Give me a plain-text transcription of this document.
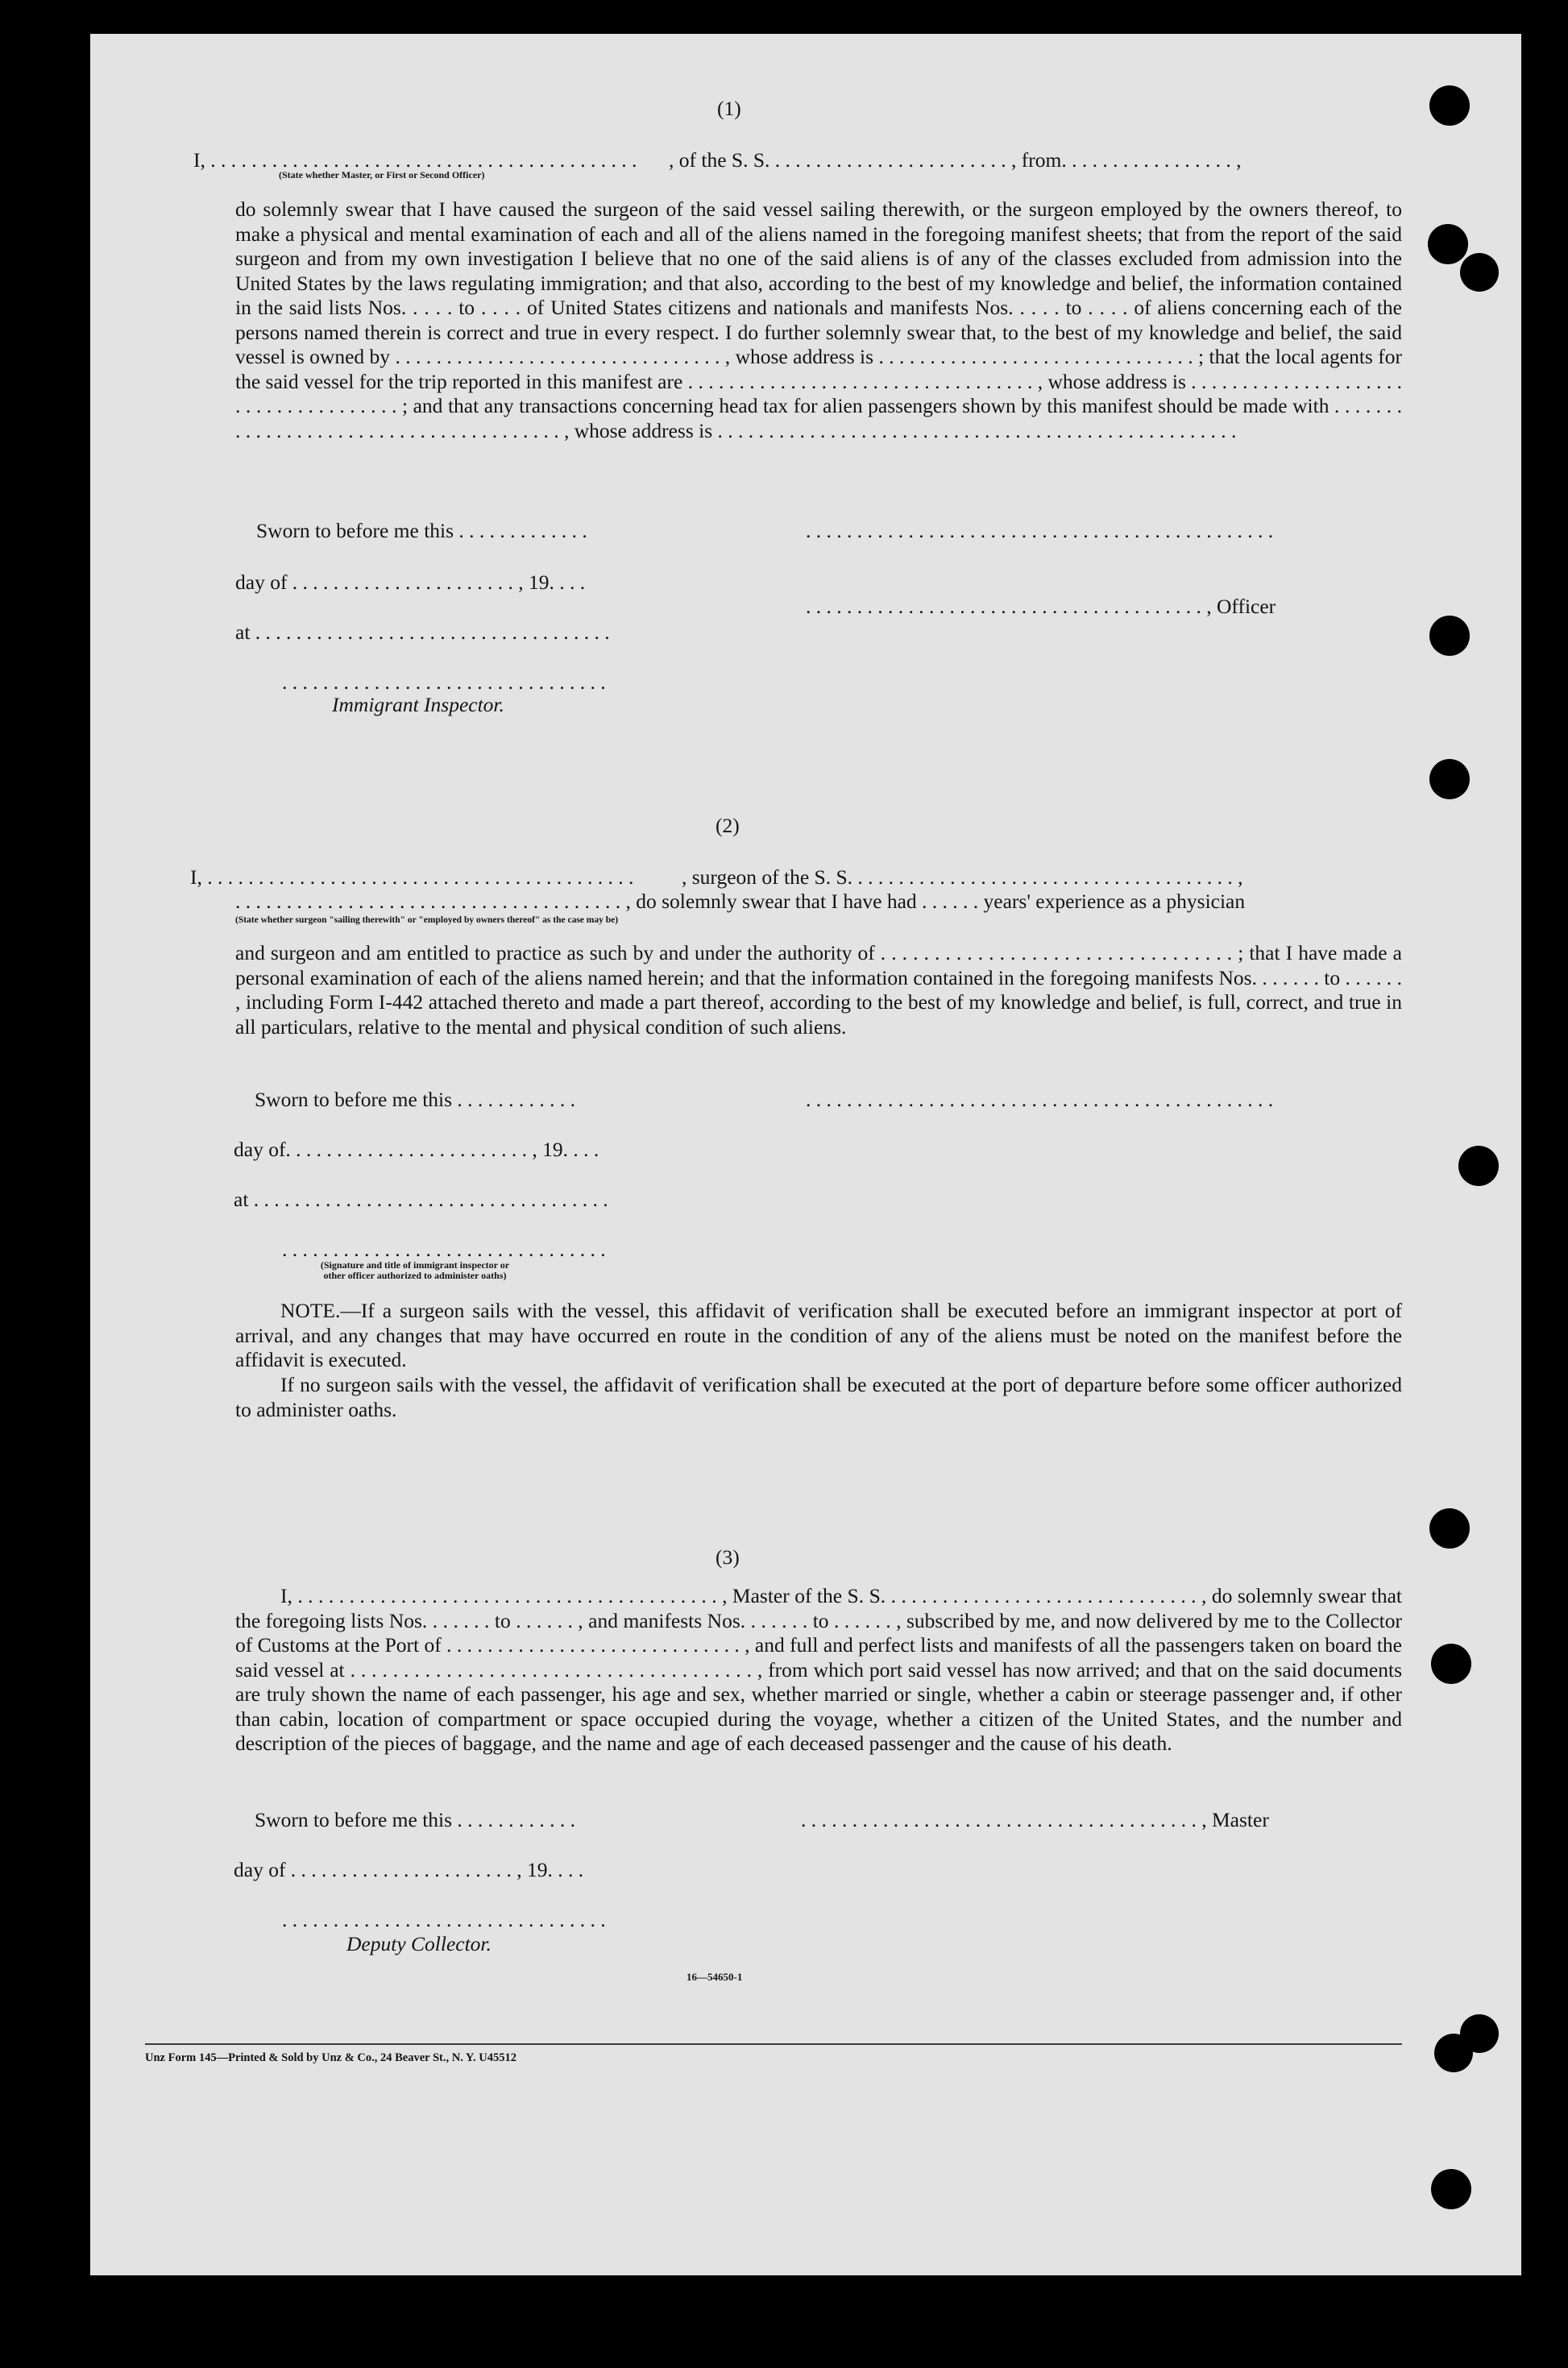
(1)
I, . . . . . . . . . . . . . . . . . . . . . . . . . . . . . . . . . . . . . . . . . . , of the S. S. . . . . . . . . . . . . . . . . . . . . . . . , from. . . . . . . . . . . . . . . . . ,
(State whether Master, or First or Second Officer)
do solemnly swear that I have caused the surgeon of the said vessel sailing therewith, or the surgeon employed by the owners thereof, to make a physical and mental examination of each and all of the aliens named in the foregoing manifest sheets; that from the report of the said surgeon and from my own investigation I believe that no one of the said aliens is of any of the classes excluded from admission into the United States by the laws regulating immigration; and that also, according to the best of my knowledge and belief, the information contained in the said lists Nos. . . . . to . . . . of United States citizens and nationals and manifests Nos. . . . . to . . . . of aliens concerning each of the persons named therein is correct and true in every respect. I do further solemnly swear that, to the best of my knowledge and belief, the said vessel is owned by . . . . . . . . . . . . . . . . . . . . . . . . . . . . . . . . , whose address is . . . . . . . . . . . . . . . . . . . . . . . . . . . . . . . ; that the local agents for the said vessel for the trip reported in this manifest are . . . . . . . . . . . . . . . . . . . . . . . . . . . . . . . . . . , whose address is . . . . . . . . . . . . . . . . . . . . . . . . . . . . . . . . . . . . . ; and that any transactions concerning head tax for alien passengers shown by this manifest should be made with . . . . . . . . . . . . . . . . . . . . . . . . . . . . . . . . . . . . . . . , whose address is . . . . . . . . . . . . . . . . . . . . . . . . . . . . . . . . . . . . . . . . . . . . . . . . . . .
Sworn to before me this . . . . . . . . . . . . .	. . . . . . . . . . . . . . . . . . . . . . . . . . . . . . . . . . . . . . . . . . . . . .
day of . . . . . . . . . . . . . . . . . . . . . . , 19. . . .
. . . . . . . . . . . . . . . . . . . . . . . . . . . . . . . . . . . . . . . , Officer
at . . . . . . . . . . . . . . . . . . . . . . . . . . . . . . . . . . .
. . . . . . . . . . . . . . . . . . . . . . . . . . . . . . . .
Immigrant Inspector.
(2)
I, . . . . . . . . . . . . . . . . . . . . . . . . . . . . . . . . . . . . . . . . . . , surgeon of the S. S. . . . . . . . . . . . . . . . . . . . . . . . . . . . . . . . . . . . . . ,
. . . . . . . . . . . . . . . . . . . . . . . . . . . . . . . . . . . . . . , do solemnly swear that I have had . . . . . . years' experience as a physician
(State whether surgeon "sailing therewith" or "employed by owners thereof" as the case may be)
and surgeon and am entitled to practice as such by and under the authority of . . . . . . . . . . . . . . . . . . . . . . . . . . . . . . . . . ; that I have made a personal examination of each of the aliens named herein; and that the information contained in the foregoing manifests Nos. . . . . . . to . . . . . . , including Form I-442 attached thereto and made a part thereof, according to the best of my knowledge and belief, is full, correct, and true in all particulars, relative to the mental and physical condition of such aliens.
Sworn to before me this . . . . . . . . . . . .	. . . . . . . . . . . . . . . . . . . . . . . . . . . . . . . . . . . . . . . . . . . . . .
day of. . . . . . . . . . . . . . . . . . . . . . . . , 19. . . .
at . . . . . . . . . . . . . . . . . . . . . . . . . . . . . . . . . . .
. . . . . . . . . . . . . . . . . . . . . . . . . . . . . . . .
(Signature and title of immigrant inspector or
other officer authorized to administer oaths)
NOTE.—If a surgeon sails with the vessel, this affidavit of verification shall be executed before an immigrant inspector at port of arrival, and any changes that may have occurred en route in the condition of any of the aliens must be noted on the manifest before the affidavit is executed.
If no surgeon sails with the vessel, the affidavit of verification shall be executed at the port of departure before some officer authorized to administer oaths.
(3)
I, . . . . . . . . . . . . . . . . . . . . . . . . . . . . . . . . . . . . . . . . . , Master of the S. S. . . . . . . . . . . . . . . . . . . . . . . . . . . . . . . , do solemnly swear that the foregoing lists Nos. . . . . . . to . . . . . . , and manifests Nos. . . . . . . to . . . . . . , subscribed by me, and now delivered by me to the Collector of Customs at the Port of . . . . . . . . . . . . . . . . . . . . . . . . . . . . . , and full and perfect lists and manifests of all the passengers taken on board the said vessel at . . . . . . . . . . . . . . . . . . . . . . . . . . . . . . . . . . . . . . , from which port said vessel has now arrived; and that on the said documents are truly shown the name of each passenger, his age and sex, whether married or single, whether a cabin or steerage passenger and, if other than cabin, location of compartment or space occupied during the voyage, whether a citizen of the United States, and the number and description of the pieces of baggage, and the name and age of each deceased passenger and the cause of his death.
Sworn to before me this . . . . . . . . . . . .	. . . . . . . . . . . . . . . . . . . . . . . . . . . . . . . . . . . . . . . , Master
day of . . . . . . . . . . . . . . . . . . . . . . , 19. . . .
. . . . . . . . . . . . . . . . . . . . . . . . . . . . . . . .
Deputy Collector.
16—54650-1
Unz Form 145—Printed & Sold by Unz & Co., 24 Beaver St., N. Y. U45512
